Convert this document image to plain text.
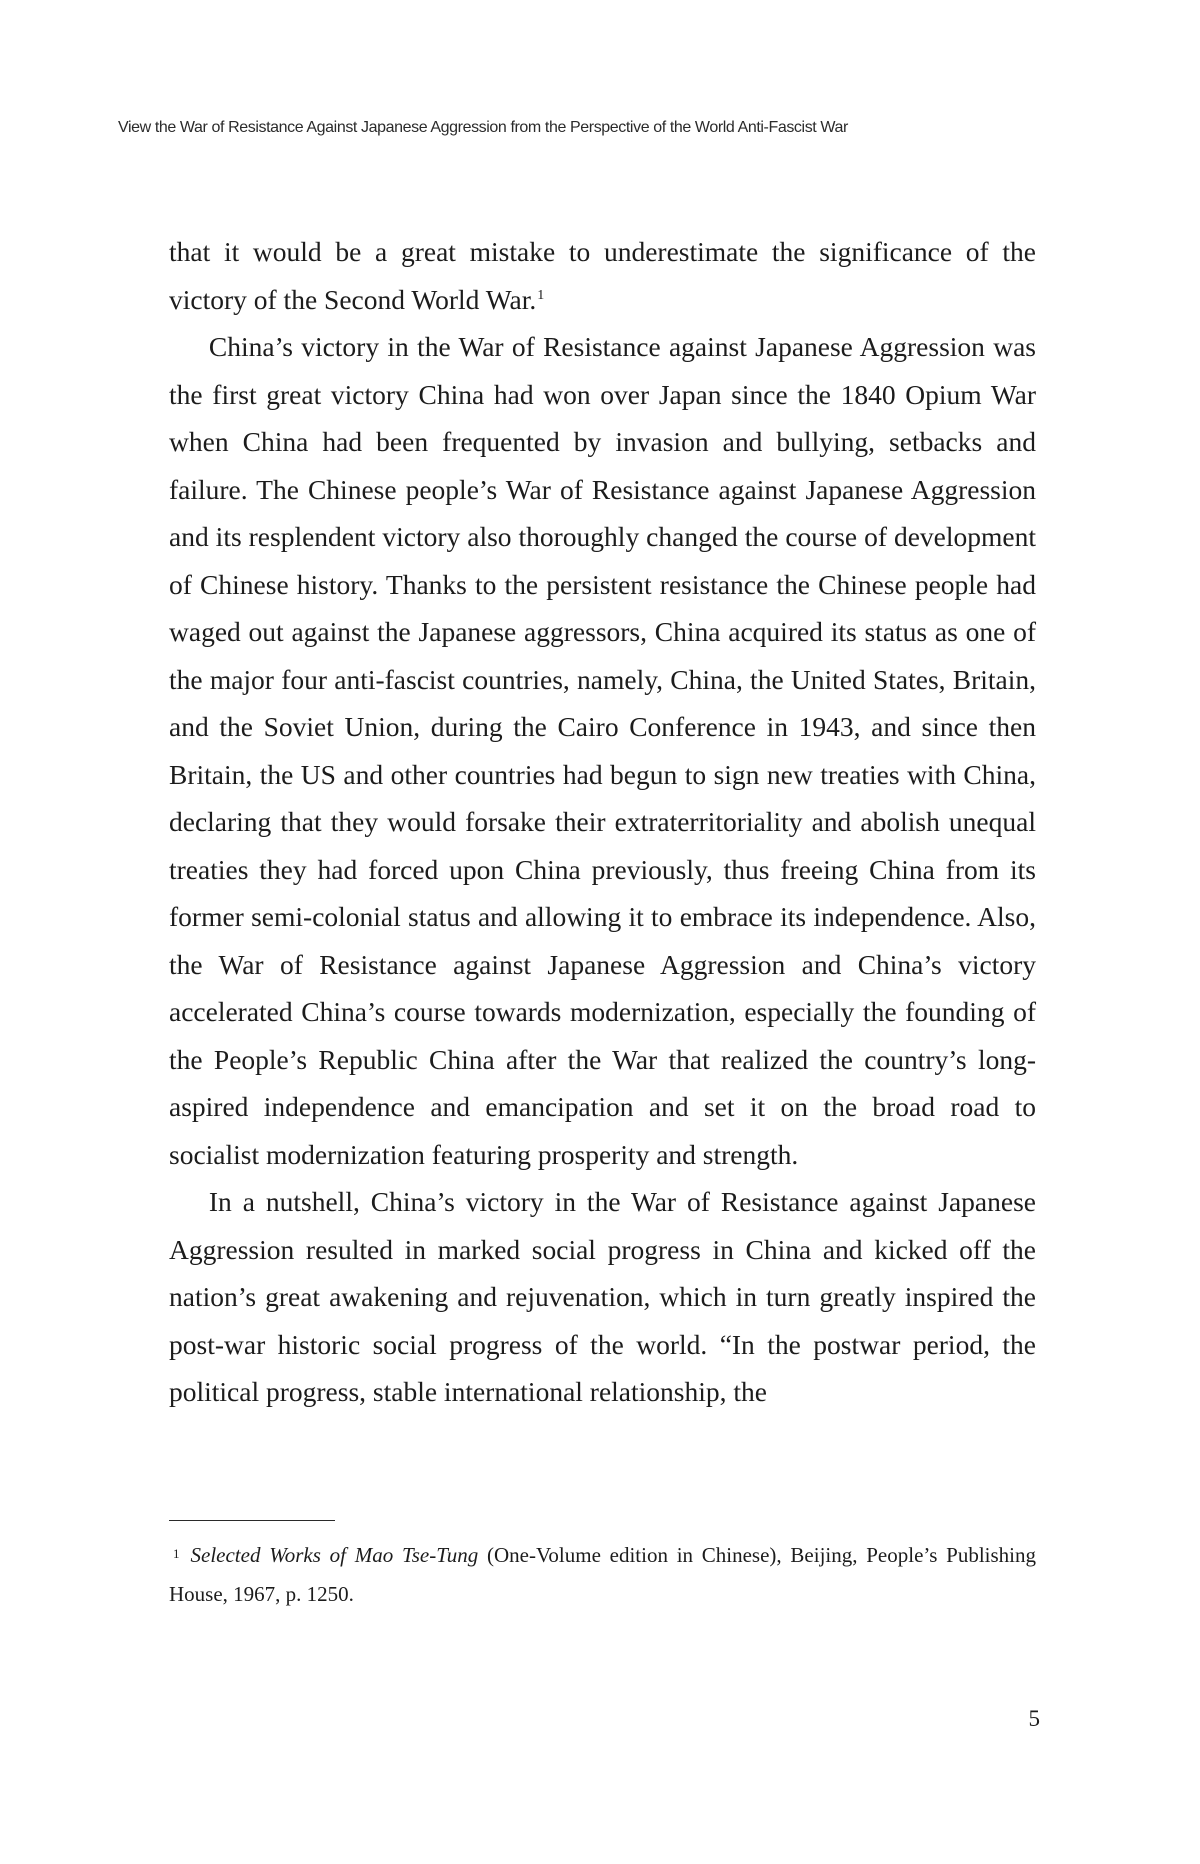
View the War of Resistance Against Japanese Aggression from the Perspective of the World Anti-Fascist War

that it would be a great mistake to underestimate the significance of the victory of the Second World War.$^1$

China’s victory in the War of Resistance against Japanese Aggression was the first great victory China had won over Japan since the 1840 Opium War when China had been frequented by invasion and bullying, setbacks and failure. The Chinese people’s War of Resistance against Japanese Aggression and its resplendent victory also thoroughly changed the course of development of Chinese history. Thanks to the persistent resistance the Chinese people had waged out against the Japanese aggressors, China acquired its status as one of the major four anti-fascist countries, namely, China, the United States, Britain, and the Soviet Union, during the Cairo Conference in 1943, and since then Britain, the US and other countries had begun to sign new treaties with China, declaring that they would forsake their extraterritoriality and abolish unequal treaties they had forced upon China previously, thus freeing China from its former semi-colonial status and allowing it to embrace its independence. Also, the War of Resistance against Japanese Aggression and China’s victory accelerated China’s course towards modernization, especially the founding of the People’s Republic China after the War that realized the country’s long-aspired independence and emancipation and set it on the broad road to socialist modernization featuring prosperity and strength.

In a nutshell, China’s victory in the War of Resistance against Japanese Aggression resulted in marked social progress in China and kicked off the nation’s great awakening and rejuvenation, which in turn greatly inspired the post-war historic social progress of the world. “In the postwar period, the political progress, stable international relationship, the

$^1$ Selected Works of Mao Tse-Tung (One-Volume edition in Chinese), Beijing, People’s Publishing House, 1967, p. 1250.
5
